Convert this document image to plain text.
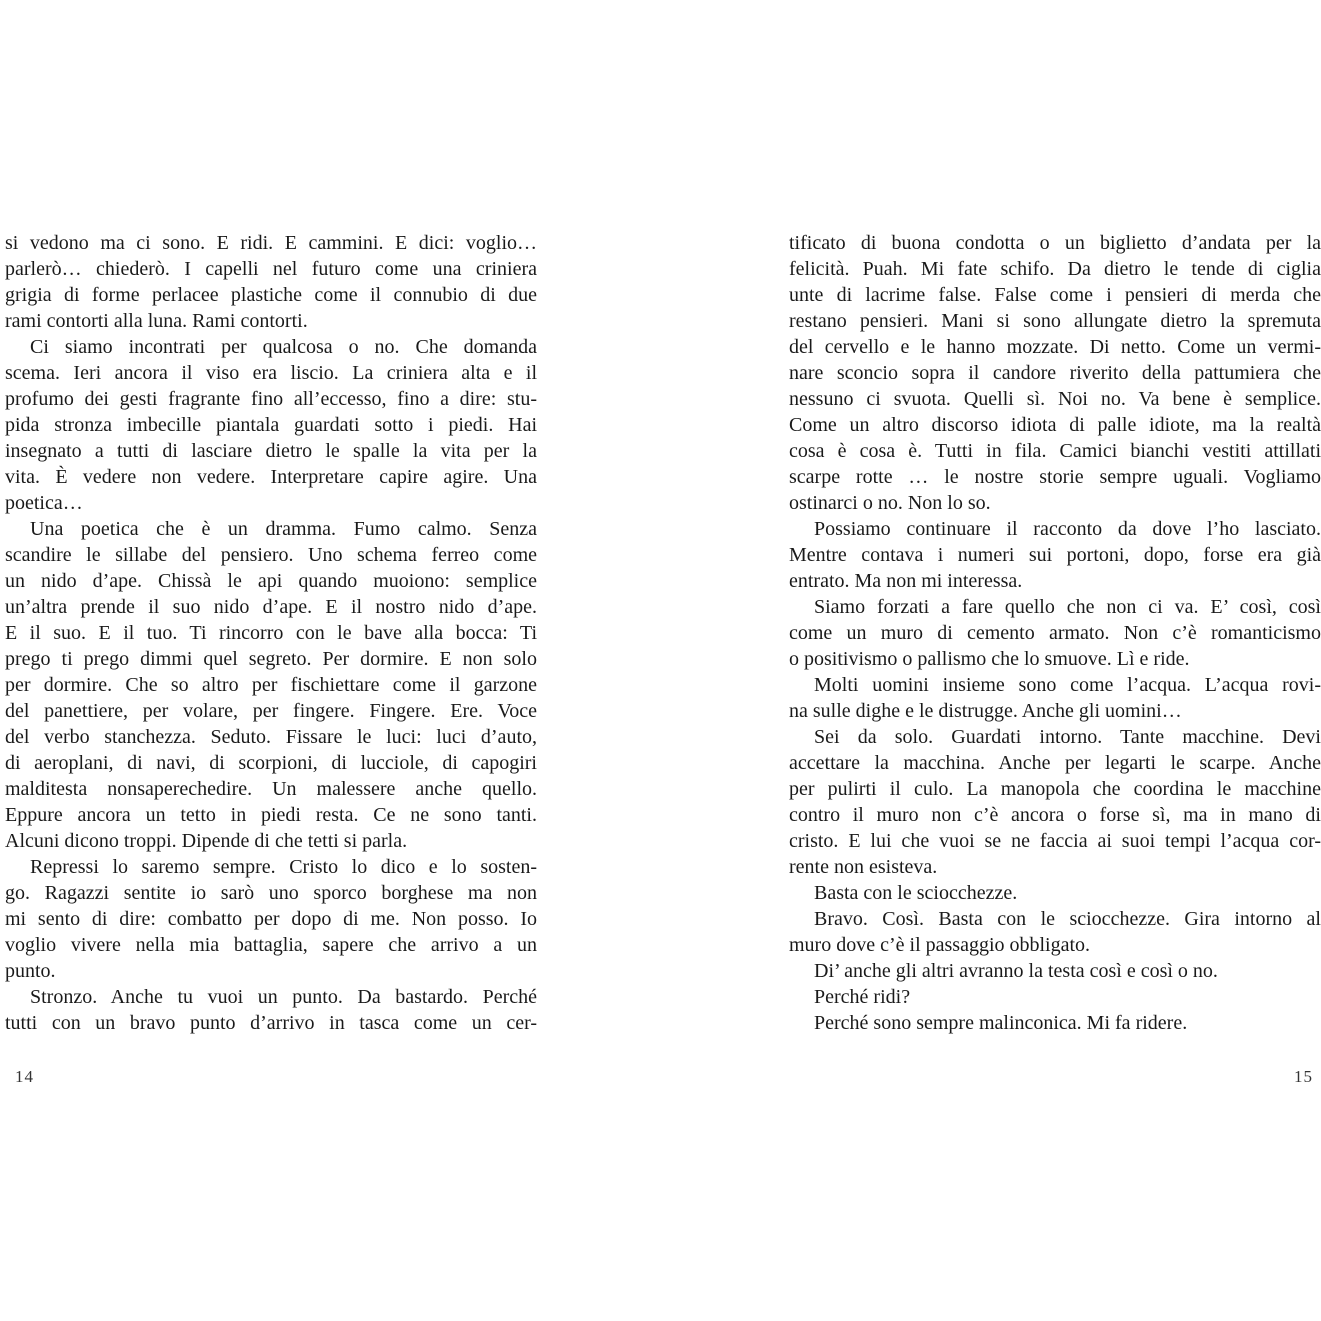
si vedono ma ci sono. E ridi. E cammini. E dici: voglio…
parlerò… chiederò. I capelli nel futuro come una criniera
grigia di forme perlacee plastiche come il connubio di due
rami contorti alla luna. Rami contorti.
Ci siamo incontrati per qualcosa o no. Che domanda
scema. Ieri ancora il viso era liscio. La criniera alta e il
profumo dei gesti fragrante fino all’eccesso, fino a dire: stu-
pida stronza imbecille piantala guardati sotto i piedi. Hai
insegnato a tutti di lasciare dietro le spalle la vita per la
vita. È vedere non vedere. Interpretare capire agire. Una
poetica…
Una poetica che è un dramma. Fumo calmo. Senza
scandire le sillabe del pensiero. Uno schema ferreo come
un nido d’ape. Chissà le api quando muoiono: semplice
un’altra prende il suo nido d’ape. E il nostro nido d’ape.
E il suo. E il tuo. Ti rincorro con le bave alla bocca: Ti
prego ti prego dimmi quel segreto. Per dormire. E non solo
per dormire. Che so altro per fischiettare come il garzone
del panettiere, per volare, per fingere. Fingere. Ere. Voce
del verbo stanchezza. Seduto. Fissare le luci: luci d’auto,
di aeroplani, di navi, di scorpioni, di lucciole, di capogiri
malditesta nonsaperechedire. Un malessere anche quello.
Eppure ancora un tetto in piedi resta. Ce ne sono tanti.
Alcuni dicono troppi. Dipende di che tetti si parla.
Repressi lo saremo sempre. Cristo lo dico e lo sosten-
go. Ragazzi sentite io sarò uno sporco borghese ma non
mi sento di dire: combatto per dopo di me. Non posso. Io
voglio vivere nella mia battaglia, sapere che arrivo a un
punto.
Stronzo. Anche tu vuoi un punto. Da bastardo. Perché
tutti con un bravo punto d’arrivo in tasca come un cer-
tificato di buona condotta o un biglietto d’andata per la
felicità. Puah. Mi fate schifo. Da dietro le tende di ciglia
unte di lacrime false. False come i pensieri di merda che
restano pensieri. Mani si sono allungate dietro la spremuta
del cervello e le hanno mozzate. Di netto. Come un vermi-
nare sconcio sopra il candore riverito della pattumiera che
nessuno ci svuota. Quelli sì. Noi no. Va bene è semplice.
Come un altro discorso idiota di palle idiote, ma la realtà
cosa è cosa è. Tutti in fila. Camici bianchi vestiti attillati
scarpe rotte … le nostre storie sempre uguali. Vogliamo
ostinarci o no. Non lo so.
Possiamo continuare il racconto da dove l’ho lasciato.
Mentre contava i numeri sui portoni, dopo, forse era già
entrato. Ma non mi interessa.
Siamo forzati a fare quello che non ci va. E’ così, così
come un muro di cemento armato. Non c’è romanticismo
o positivismo o pallismo che lo smuove. Lì e ride.
Molti uomini insieme sono come l’acqua. L’acqua rovi-
na sulle dighe e le distrugge. Anche gli uomini…
Sei da solo. Guardati intorno. Tante macchine. Devi
accettare la macchina. Anche per legarti le scarpe. Anche
per pulirti il culo. La manopola che coordina le macchine
contro il muro non c’è ancora o forse sì, ma in mano di
cristo. E lui che vuoi se ne faccia ai suoi tempi l’acqua cor-
rente non esisteva.
Basta con le sciocchezze.
Bravo. Così. Basta con le sciocchezze. Gira intorno al
muro dove c’è il passaggio obbligato.
Di’ anche gli altri avranno la testa così e così o no.
Perché ridi?
Perché sono sempre malinconica. Mi fa ridere.
14	15
